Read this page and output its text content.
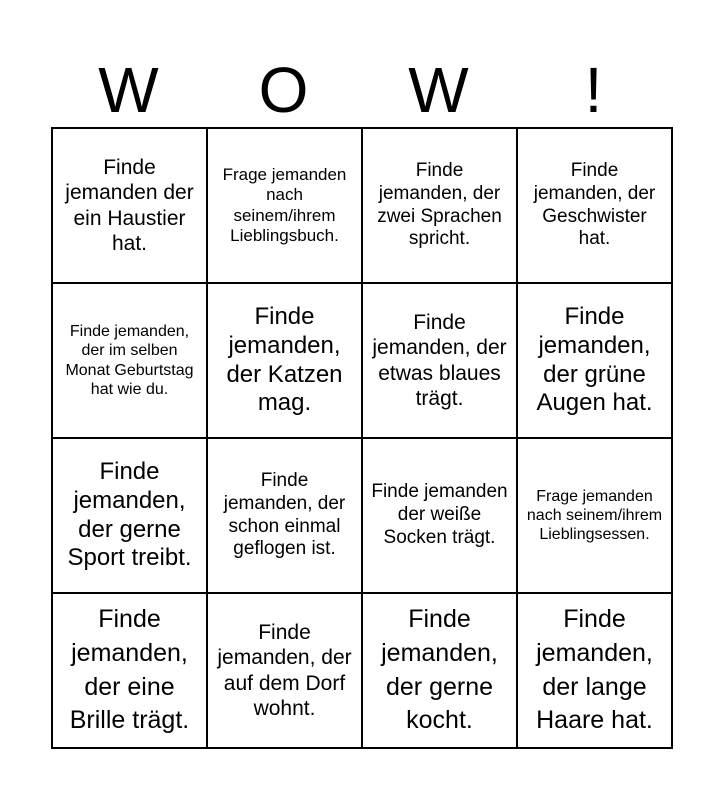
W	O	W	!
Finde jemanden der ein Haustier hat.	Frage jemanden nach seinem/ihrem Lieblingsbuch.	Finde jemanden, der zwei Sprachen spricht.	Finde jemanden, der Geschwister hat.
Finde jemanden, der im selben Monat Geburtstag hat wie du.	Finde jemanden, der Katzen mag.	Finde jemanden, der etwas blaues trägt.	Finde jemanden, der grüne Augen hat.
Finde jemanden, der gerne Sport treibt.	Finde jemanden, der schon einmal geflogen ist.	Finde jemanden der weiße Socken trägt.	Frage jemanden nach seinem/ihrem Lieblingsessen.
Finde jemanden, der eine Brille trägt.	Finde jemanden, der auf dem Dorf wohnt.	Finde jemanden, der gerne kocht.	Finde jemanden, der lange Haare hat.
